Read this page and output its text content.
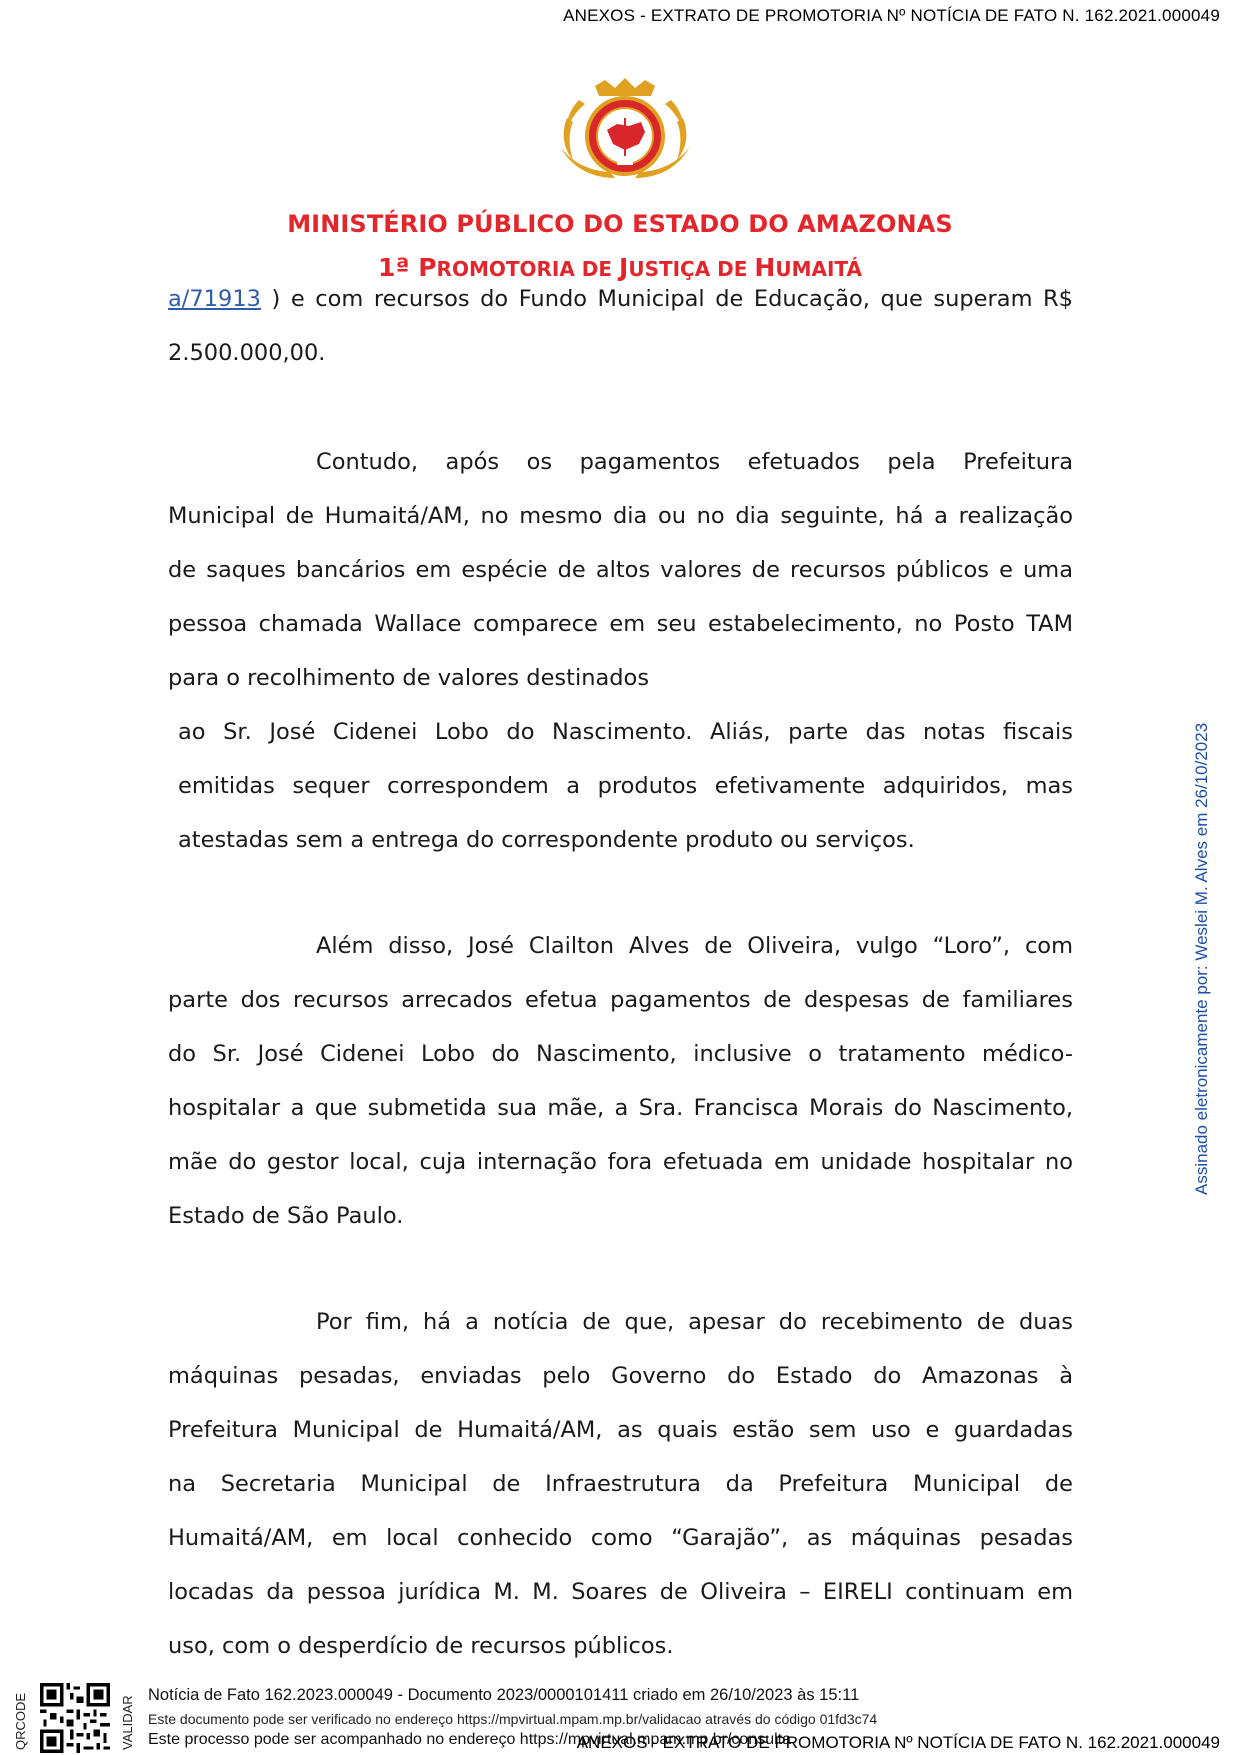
ANEXOS - EXTRATO DE PROMOTORIA Nº NOTÍCIA DE FATO N. 162.2021.000049
MINISTÉRIO PÚBLICO DO ESTADO DO AMAZONAS
1ª PROMOTORIA DE JUSTIÇA DE HUMAITÁ
a/71913 ) e com recursos do Fundo Municipal de Educação, que superam R$
2.500.000,00.
Contudo, após os pagamentos efetuados pela Prefeitura
Municipal de Humaitá/AM, no mesmo dia ou no dia seguinte, há a realização
de saques bancários em espécie de altos valores de recursos públicos e uma
pessoa chamada Wallace comparece em seu estabelecimento, no Posto TAM
para o recolhimento de valores destinados
ao Sr. José Cidenei Lobo do Nascimento. Aliás, parte das notas fiscais
emitidas sequer correspondem a produtos efetivamente adquiridos, mas
atestadas sem a entrega do correspondente produto ou serviços.
Além disso, José Clailton Alves de Oliveira, vulgo “Loro”, com
parte dos recursos arrecados efetua pagamentos de despesas de familiares
do Sr. José Cidenei Lobo do Nascimento, inclusive o tratamento médico-
hospitalar a que submetida sua mãe, a Sra. Francisca Morais do Nascimento,
mãe do gestor local, cuja internação fora efetuada em unidade hospitalar no
Estado de São Paulo.
Por fim, há a notícia de que, apesar do recebimento de duas
máquinas pesadas, enviadas pelo Governo do Estado do Amazonas à
Prefeitura Municipal de Humaitá/AM, as quais estão sem uso e guardadas
na Secretaria Municipal de Infraestrutura da Prefeitura Municipal de
Humaitá/AM, em local conhecido como “Garajão”, as máquinas pesadas
locadas da pessoa jurídica M. M. Soares de Oliveira – EIRELI continuam em
uso, com o desperdício de recursos públicos.
Assinado eletronicamente por: Weslei M. Alves em 26/10/2023
QRCODE	VALIDAR
Notícia de Fato 162.2023.000049 - Documento 2023/0000101411 criado em 26/10/2023 às 15:11
Este documento pode ser verificado no endereço https://mpvirtual.mpam.mp.br/validacao através do código 01fd3c74
Este processo pode ser acompanhado no endereço https://mpvirtual.mpam.mp.br/consulta
ANEXOS - EXTRATO DE PROMOTORIA Nº NOTÍCIA DE FATO N. 162.2021.000049
